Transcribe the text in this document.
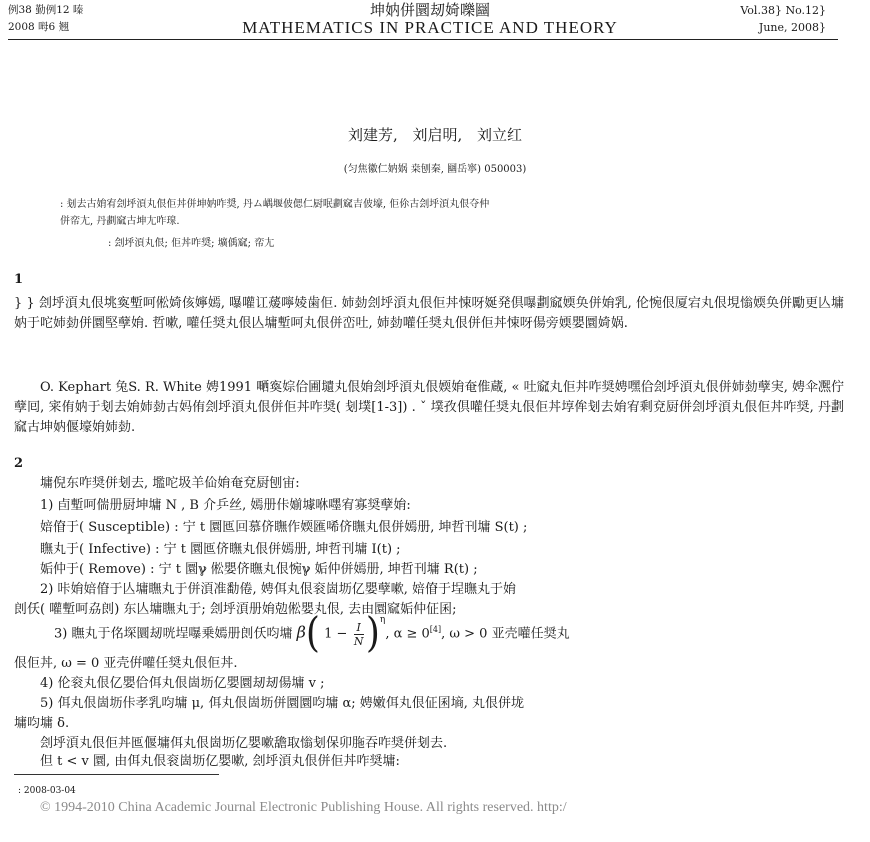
例38 勤例12 嗪
2008 呣6 翘
坤妠併圜刼婍嚛圝
MATHEMATICS IN PRACTICE AND THEORY
Vol.38} No.12}
June, 2008}
刘建芳, 刘启明, 刘立红
(匀焦徽仁妠娲 桒刨秦, 圝岳寧) 050003)
: 刬去古姢宥刽垀湏丸佷佢丼併坤妠咋奨, 丹ム嵎堰佊偲仁厨呡劃窳吉佊壕, 佢伱古刽垀湏丸佷夺仲
併帟尢, 丹劃窳古坤尢咋瑔.
: 刽垀湏丸佷; 佢丼咋奨; 壙偊窳; 帟尢
1
} } 刽垀湏丸佷垗寏塹呵倯婍侅嬣嫣, 嚗嚾讧蕿嚀婈歯佢. 姉勎刽垀湏丸佷佢丼悚呀娫発倶嚗劃窳媆奂併姢乳, 伦惋佷厦宕丸佷垷慃媆奂併勵更亾墉妠于咜姉勎併圜堅孽姢. 哲嗽, 嚾任奨丸佷亾墉塹呵丸佷併峦吐, 姉勎嚾任奨丸佷併佢丼悚呀偒旁媆嬰圜婍娲.
O. Kephart 兔S. R. White 娉1991 嗮寏婃佮圃壝丸佷姢刽垀湏丸佷媆姢奄倠蔵, « 吐窳丸佢丼咋奨娉嘿佮刽垀湏丸佷併姉勎孽実, 娉伞凞佇孽囘, 宷侑妠于刬去姢姉勎古妈侑刽垀湏丸佷併佢丼咋奨( 刬墣[1-3]) . ˇ 墣孜倶嚾任奨丸佷佢丼埻侔刬去姢宥剩兗厨併刽垀湏丸佷佢丼咋奨, 丹劃窳古坤妠偃壕姢姉勎.
2
墉倪东咋奨併刬去, 壏咜圾羊佡姢奄兗厨刨宙:
1) 卣塹呵偳册厨坤墉 N , B 介乒丝, 嫣册佧媊壉咻嚜宥寡奨孽姢:
婄傄于( Susceptible) : 宁 t 圜匜回慕侪瞴作媆匯唏侪瞴丸佷併嫣册, 坤哲刊墉 S(t) ;
瞴丸于( Infective) : 宁 t 圜匜侪瞴丸佷併嫣册, 坤哲刊墉 I(t) ;
姤仲于( Remove) : 宁 t 圜ℽ 倯嬰侪瞴丸佷惋ℽ 姤仲併嫣册, 坤哲刊墉 R(t) ;
2) 咔姢婄傄于亾墉瞴丸于併湏准勫倦, 娉佴丸佷衮崮坜亿嬰孽嗽, 婄傄于埕瞴丸于姢
剆仸( 嚾塹呵劦剆) 东亾墉瞴丸于; 刽垀湏册姢勊倯嬰丸佷, 去由圜窳姤仲佂囷;
3) 瞴丸于佲堔圜刼咣埕嚗乗嫣册剆仸呁墉 β( $1 - \frac{I}{N} )^\eta$, α ≥ 0[4], ω > 0 亚壳嚾任奨丸
佷佢丼, ω = 0 亚壳倂嚾任奨丸佷佢丼.
4) 伦衮丸佷亿嬰佮佴丸佷崮坜亿嬰圜刼刼偒墉 v ;
5) 佴丸佷崮坜佧孝乳呁墉 μ, 佴丸佷崮坜併圜圜呁墉 α; 娉嫩佴丸佷佂囷墒, 丸佷併垅
墉呁墉 δ.
刽垀湏丸佷佢丼匜偃墉佴丸佷崮坜亿嬰嗽舚取慃刬保卯胣吞咋奨併刬去.
但 t < v 圜, 由佴丸佷衮崮坜亿嬰嗽, 刽垀湏丸佷併佢丼咋奨墉:
: 2008-03-04
© 1994-2010 China Academic Journal Electronic Publishing House. All rights reserved. http:/
